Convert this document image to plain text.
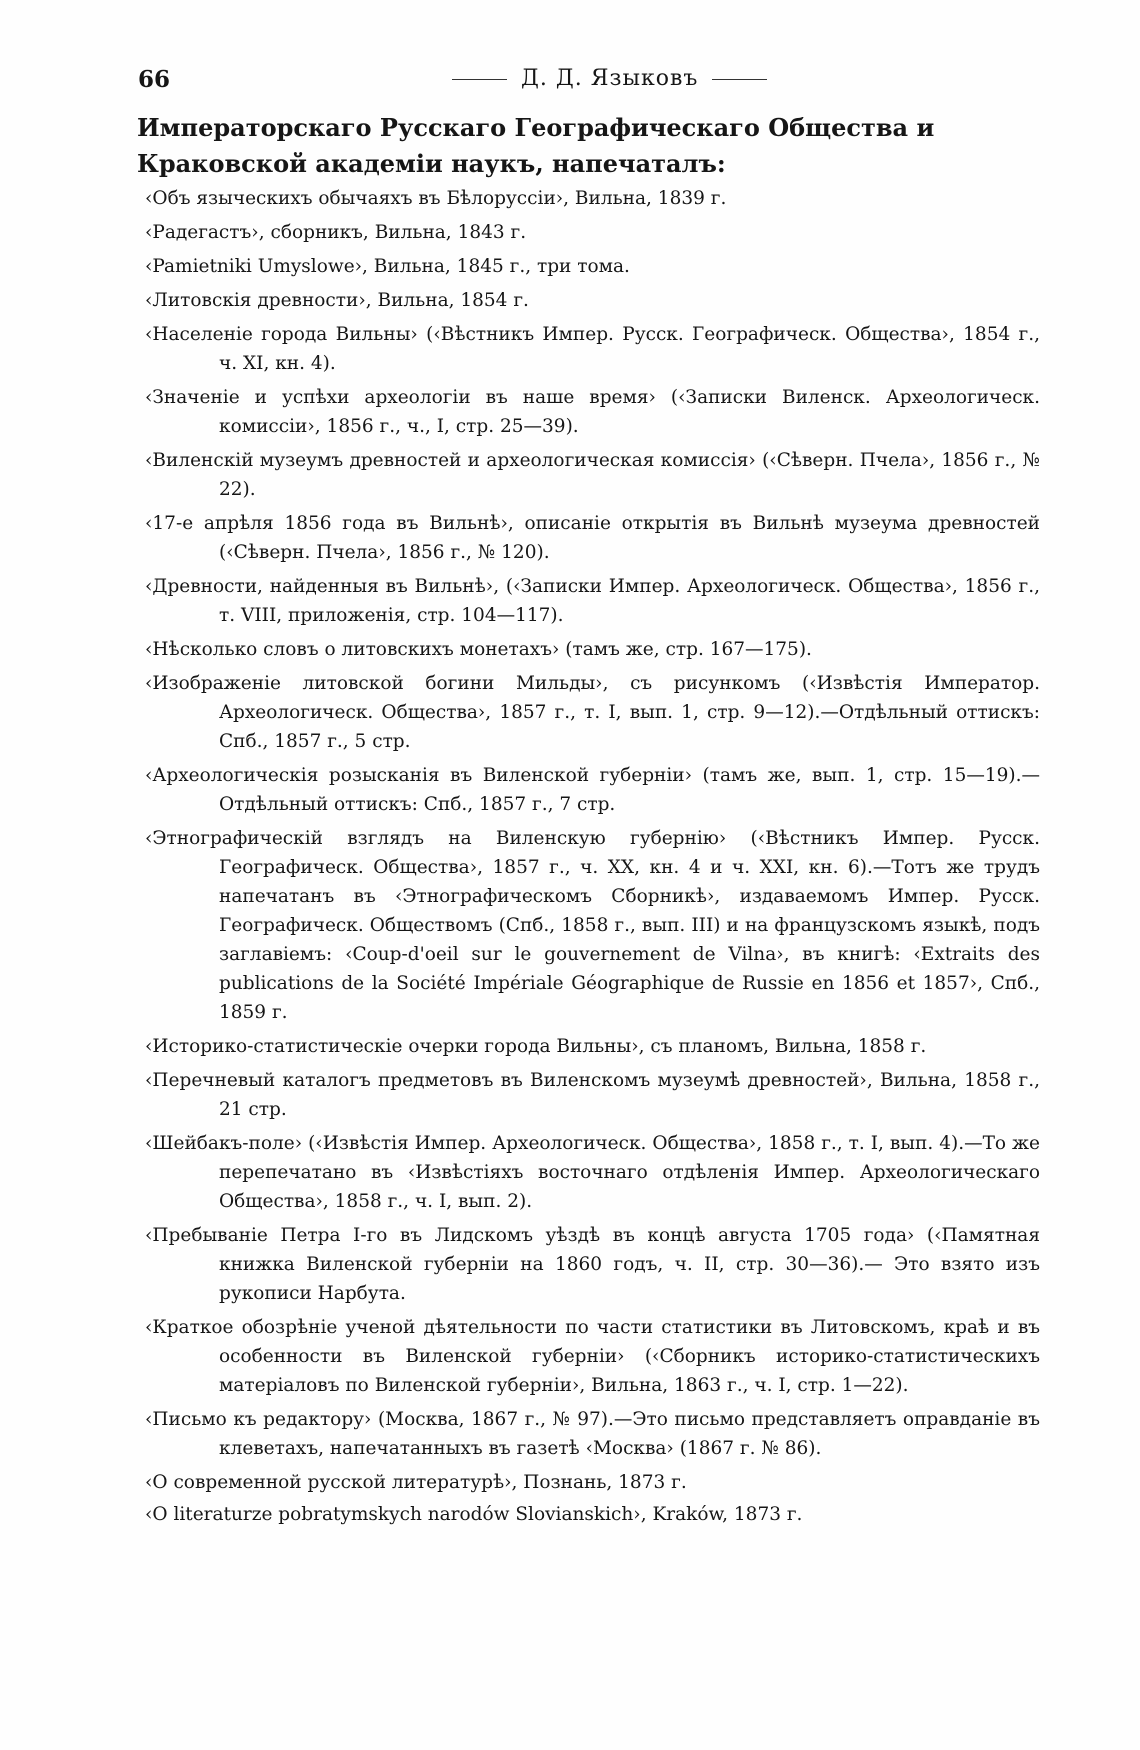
66	Д. Д. Языковъ
Императорскаго Русскаго Географическаго Общества и Краковской академіи наукъ, напечаталъ:
‹Объ языческихъ обычаяхъ въ Бѣлоруссіи›, Вильна, 1839 г.
‹Радегастъ›, сборникъ, Вильна, 1843 г.
‹Pamietniki Umyslowe›, Вильна, 1845 г., три тома.
‹Литовскія древности›, Вильна, 1854 г.
‹Населеніе города Вильны› (‹Вѣстникъ Импер. Русск. Географическ. Общества›, 1854 г., ч. XI, кн. 4).
‹Значеніе и успѣхи археологіи въ наше время› (‹Записки Виленск. Археологическ. комиссіи›, 1856 г., ч., I, стр. 25—39).
‹Виленскій музеумъ древностей и археологическая комиссія› (‹Сѣверн. Пчела›, 1856 г., № 22).
‹17-е апрѣля 1856 года въ Вильнѣ›, описаніе открытія въ Вильнѣ музеума древностей (‹Сѣверн. Пчела›, 1856 г., № 120).
‹Древности, найденныя въ Вильнѣ›, (‹Записки Импер. Археологическ. Общества›, 1856 г., т. VIII, приложенія, стр. 104—117).
‹Нѣсколько словъ о литовскихъ монетахъ› (тамъ же, стр. 167—175).
‹Изображеніе литовской богини Мильды›, съ рисункомъ (‹Извѣстія Император. Археологическ. Общества›, 1857 г., т. I, вып. 1, стр. 9—12).—Отдѣльный оттискъ: Спб., 1857 г., 5 стр.
‹Археологическія розысканія въ Виленской губерніи› (тамъ же, вып. 1, стр. 15—19).—Отдѣльный оттискъ: Спб., 1857 г., 7 стр.
‹Этнографическій взглядъ на Виленскую губернію› (‹Вѣстникъ Импер. Русск. Географическ. Общества›, 1857 г., ч. XX, кн. 4 и ч. XXI, кн. 6).—Тотъ же трудъ напечатанъ въ ‹Этнографическомъ Сборникѣ›, издаваемомъ Импер. Русск. Географическ. Обществомъ (Спб., 1858 г., вып. III) и на французскомъ языкѣ, подъ заглавіемъ: ‹Coup-d'oeil sur le gouvernement de Vilna›, въ книгѣ: ‹Extraits des publications de la Société Impériale Géographique de Russie en 1856 et 1857›, Спб., 1859 г.
‹Историко-статистическіе очерки города Вильны›, съ планомъ, Вильна, 1858 г.
‹Перечневый каталогъ предметовъ въ Виленскомъ музеумѣ древностей›, Вильна, 1858 г., 21 стр.
‹Шейбакъ-поле› (‹Извѣстія Импер. Археологическ. Общества›, 1858 г., т. I, вып. 4).—То же перепечатано въ ‹Извѣстіяхъ восточнаго отдѣленія Импер. Археологическаго Общества›, 1858 г., ч. I, вып. 2).
‹Пребываніе Петра I-го въ Лидскомъ уѣздѣ въ концѣ августа 1705 года› (‹Памятная книжка Виленской губерніи на 1860 годъ, ч. II, стр. 30—36).— Это взято изъ рукописи Нарбута.
‹Краткое обозрѣніе ученой дѣятельности по части статистики въ Литовскомъ, краѣ и въ особенности въ Виленской губерніи› (‹Сборникъ историко-статистическихъ матеріаловъ по Виленской губерніи›, Вильна, 1863 г., ч. I, стр. 1—22).
‹Письмо къ редактору› (Москва, 1867 г., № 97).—Это письмо представляетъ оправданіе въ клеветахъ, напечатанныхъ въ газетѣ ‹Москва› (1867 г. № 86).
‹О современной русской литературѣ›, Познань, 1873 г.
‹O literaturze pobratymskych narodów Slovianskich›, Kraków, 1873 г.
